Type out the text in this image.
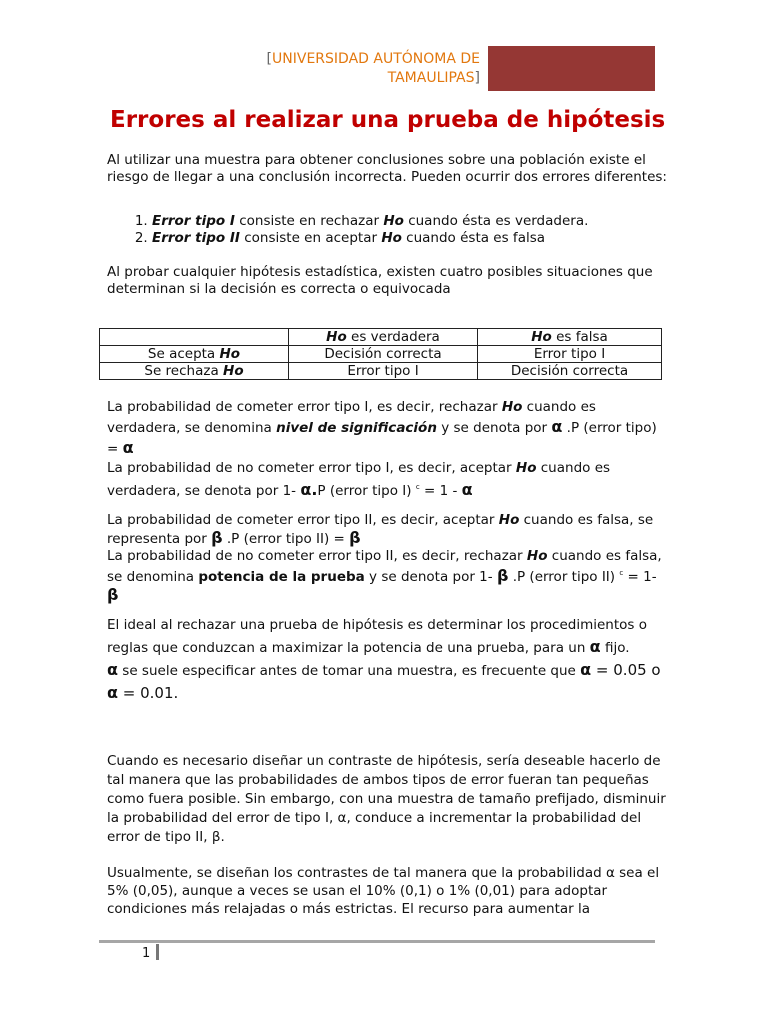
[UNIVERSIDAD AUTÓNOMA DE
TAMAULIPAS]
Errores al realizar una prueba de hipótesis

Al utilizar una muestra para obtener conclusiones sobre una población existe el riesgo de llegar a una conclusión incorrecta. Pueden ocurrir dos errores diferentes:

1. Error tipo I consiste en rechazar Ho cuando ésta es verdadera.
2. Error tipo II consiste en aceptar Ho cuando ésta es falsa

Al probar cualquier hipótesis estadística, existen cuatro posibles situaciones que determinan si la decisión es correcta o equivocada

	Ho es verdadera	Ho es falsa
Se acepta Ho	Decisión correcta	Error tipo I
Se rechaza Ho	Error tipo I	Decisión correcta

La probabilidad de cometer error tipo I, es decir, rechazar Ho cuando es verdadera, se denomina nivel de significación y se denota por α .P (error tipo) = α
La probabilidad de no cometer error tipo I, es decir, aceptar Ho cuando es verdadera, se denota por 1- α.P (error tipo I) $^c$ = 1 - α

La probabilidad de cometer error tipo II, es decir, aceptar Ho cuando es falsa, se representa por β .P (error tipo II) = β
La probabilidad de no cometer error tipo II, es decir, rechazar Ho cuando es falsa, se denomina potencia de la prueba y se denota por 1- β .P (error tipo II) $^c$ = 1- β

El ideal al rechazar una prueba de hipótesis es determinar los procedimientos o reglas que conduzcan a maximizar la potencia de una prueba, para un α fijo.
α se suele especificar antes de tomar una muestra, es frecuente que α = 0.05 o α = 0.01.

Cuando es necesario diseñar un contraste de hipótesis, sería deseable hacerlo de tal manera que las probabilidades de ambos tipos de error fueran tan pequeñas como fuera posible. Sin embargo, con una muestra de tamaño prefijado, disminuir la probabilidad del error de tipo I, α, conduce a incrementar la probabilidad del error de tipo II, β.

Usualmente, se diseñan los contrastes de tal manera que la probabilidad α sea el 5% (0,05), aunque a veces se usan el 10% (0,1) o 1% (0,01) para adoptar condiciones más relajadas o más estrictas. El recurso para aumentar la

1
